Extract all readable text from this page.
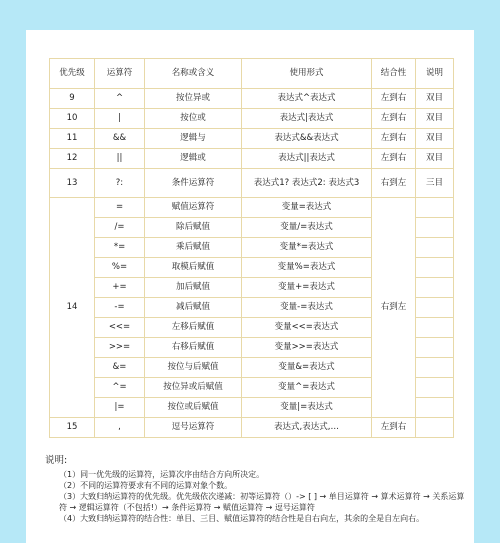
优先级	运算符	名称或含义	使用形式	结合性	说明
9	^	按位异或	表达式^表达式	左到右	双目
10	|	按位或	表达式|表达式	左到右	双目
11	&&	逻辑与	表达式&&表达式	左到右	双目
12	||	逻辑或	表达式||表达式	左到右	双目
13	?:	条件运算符	表达式1? 表达式2: 表达式3	右到左	三目
14	=	赋值运算符	变量=表达式	右到左	
	/=	除后赋值	变量/=表达式		
	*=	乘后赋值	变量*=表达式		
	%=	取模后赋值	变量%=表达式		
	+=	加后赋值	变量+=表达式		
	-=	减后赋值	变量-=表达式		
	<<=	左移后赋值	变量<<=表达式		
	>>=	右移后赋值	变量>>=表达式		
	&=	按位与后赋值	变量&=表达式		
	^=	按位异或后赋值	变量^=表达式		
	|=	按位或后赋值	变量|=表达式		
15	,	逗号运算符	表达式,表达式,…	左到右	
说明:
（1）同一优先级的运算符，运算次序由结合方向所决定。
（2）不同的运算符要求有不同的运算对象个数。
（3）大致归纳运算符的优先级。优先级依次递减：初等运算符（）-> [ ] → 单目运算符 → 算术运算符 → 关系运算符 → 逻辑运算符（不包括!）→ 条件运算符 → 赋值运算符 → 逗号运算符
（4）大致归纳运算符的结合性：单目、三目、赋值运算符的结合性是自右向左，其余的全是自左向右。
